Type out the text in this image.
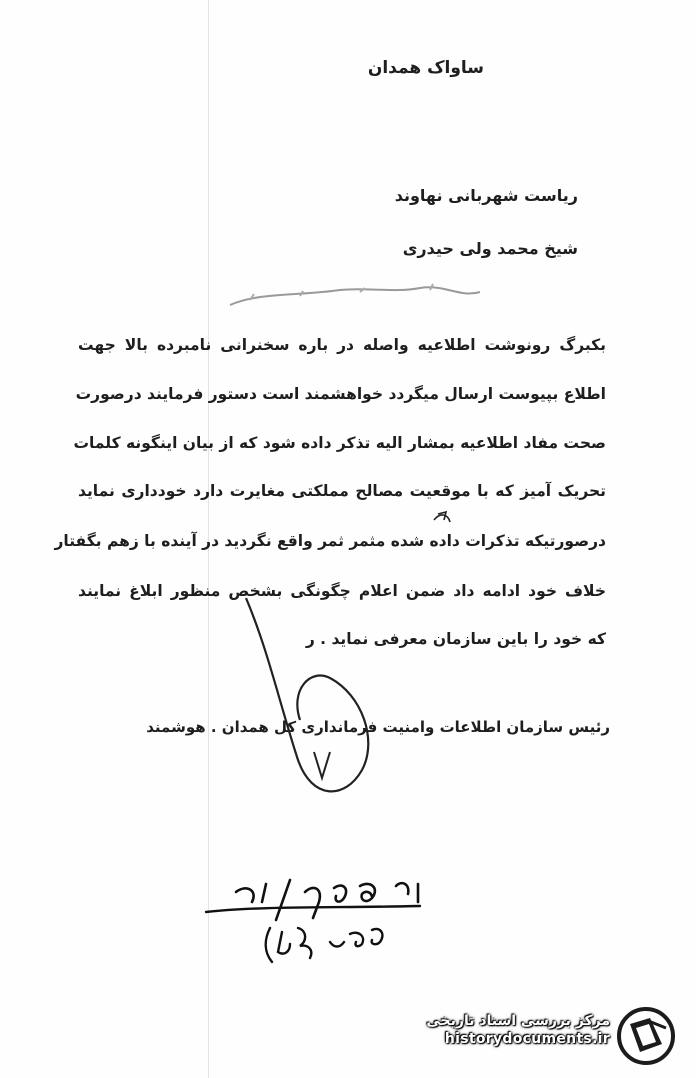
ساواک همدان
ریاست شهربانی نهاوند
شیخ محمد ولی حیدری
بکبرگ رونوشت اطلاعیه واصله در باره سخنرانی نامبرده بالا جهت
اطلاع بپیوست ارسال میگردد خواهشمند است دستور فرمایند درصورت
صحت مفاد اطلاعیه بمشار الیه تذکر داده شود که از بیان اینگونه کلمات
تحریک آمیز که با موقعیت مصالح مملکتی مغایرت دارد خودداری نماید
درصورتیکه تذکرات داده شده مثمر ثمر واقع نگردید در آینده با زهم بگفتار
خلاف خود ادامه داد ضمن اعلام چگونگی بشخص منظور ابلاغ نمایند
که خود را باین سازمان معرفی نماید . ر
رئیس سازمان اطلاعات وامنیت فرمانداری کل همدان . هوشمند
مرکز بررسی اسناد تاریخی
historydocuments.ir
